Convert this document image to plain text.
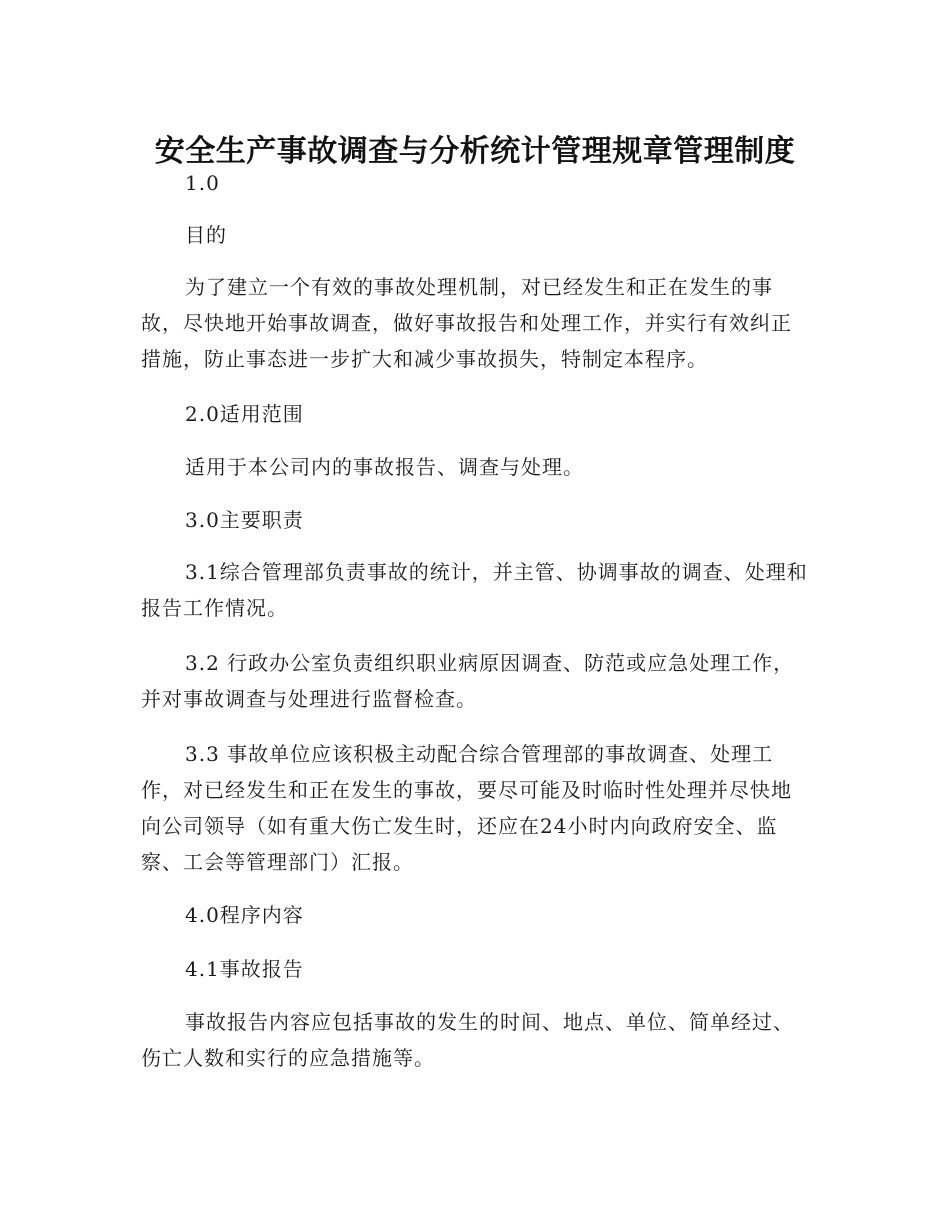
安全生产事故调查与分析统计管理规章管理制度

1.0

目的

为了建立一个有效的事故处理机制，对已经发生和正在发生的事故，尽快地开始事故调查，做好事故报告和处理工作，并实行有效纠正措施，防止事态进一步扩大和减少事故损失，特制定本程序。

2.0适用范围

适用于本公司内的事故报告、调查与处理。

3.0主要职责

3.1综合管理部负责事故的统计，并主管、协调事故的调查、处理和报告工作情况。

3.2 行政办公室负责组织职业病原因调查、防范或应急处理工作，并对事故调查与处理进行监督检查。

3.3 事故单位应该积极主动配合综合管理部的事故调查、处理工作，对已经发生和正在发生的事故，要尽可能及时临时性处理并尽快地向公司领导（如有重大伤亡发生时，还应在24小时内向政府安全、监察、工会等管理部门）汇报。

4.0程序内容

4.1事故报告

事故报告内容应包括事故的发生的时间、地点、单位、简单经过、伤亡人数和实行的应急措施等。
